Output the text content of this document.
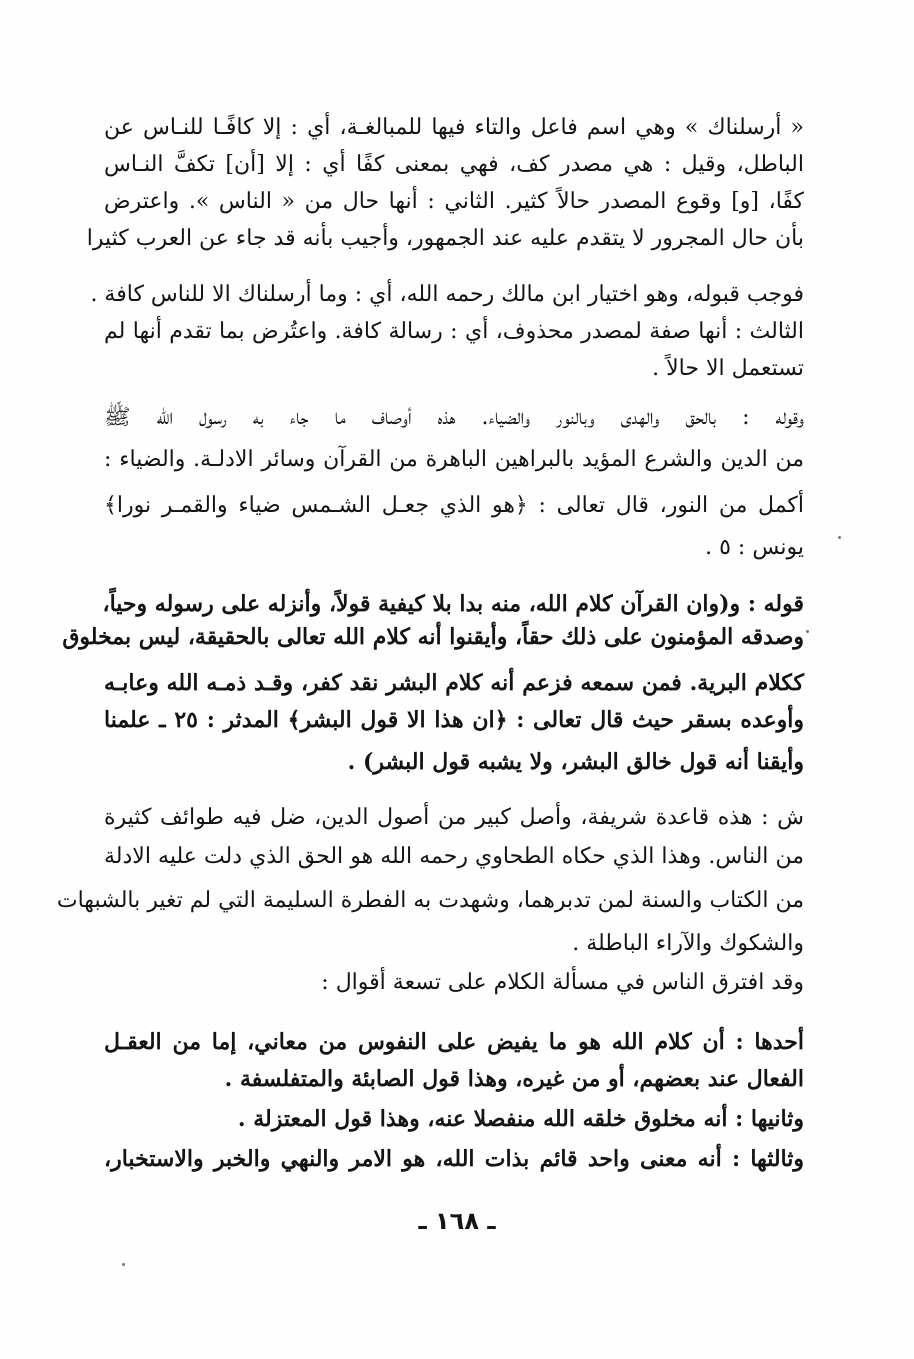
« أرسلناك » وهي اسم فاعل والتاء فيها للمبالغـة، أي : إلا كافًـا للنـاس عن
الباطل، وقيل : هي مصدر كف، فهي بمعنى كفًا أي : إلا [أن] تكفَّ النـاس
كفًا، [و] وقوع المصدر حالاً كثير. الثاني : أنها حال من « الناس ». واعترض
بأن حال المجرور لا يتقدم عليه عند الجمهور، وأجيب بأنه قد جاء عن العرب كثيرا
فوجب قبوله، وهو اختيار ابن مالك رحمه الله، أي : وما أرسلناك الا للناس كافة .
الثالث : أنها صفة لمصدر محذوف، أي : رسالة كافة. واعتُرض بما تقدم أنها لم
تستعمل الا حالاً .
وقوله : بالحق والهدى وبالنور والضياء. هذه أوصاف ما جاء به رسول الله ﷺ
من الدين والشرع المؤيد بالبراهين الباهرة من القرآن وسائر الادلـة. والضياء :
أكمل من النور، قال تعالى : ﴿هو الذي جعـل الشـمس ضياء والقمـر نورا﴾
يونس : ٥ .
قوله : و(وان القرآن كلام الله، منه بدا بلا كيفية قولاً، وأنزله على رسوله وحياً،
وصدقه المؤمنون على ذلك حقاً، وأيقنوا أنه كلام الله تعالى بالحقيقة، ليس بمخلوق
ككلام البرية. فمن سمعه فزعم أنه كلام البشر نقد كفر، وقـد ذمـه الله وعابـه
وأوعده بسقر حيث قال تعالى : ﴿ان هذا الا قول البشر﴾ المدثر : ٢٥ ـ علمنا
وأيقنا أنه قول خالق البشر، ولا يشبه قول البشر) .
ش : هذه قاعدة شريفة، وأصل كبير من أصول الدين، ضل فيه طوائف كثيرة
من الناس. وهذا الذي حكاه الطحاوي رحمه الله هو الحق الذي دلت عليه الادلة
من الكتاب والسنة لمن تدبرهما، وشهدت به الفطرة السليمة التي لم تغير بالشبهات
والشكوك والآراء الباطلة .
وقد افترق الناس في مسألة الكلام على تسعة أقوال :
أحدها : أن كلام الله هو ما يفيض على النفوس من معاني، إما من العقـل
الفعال عند بعضهم، أو من غيره، وهذا قول الصابئة والمتفلسفة .
وثانيها : أنه مخلوق خلقه الله منفصلا عنه، وهذا قول المعتزلة .
وثالثها : أنه معنى واحد قائم بذات الله، هو الامر والنهي والخبر والاستخبار،
ـ ١٦٨ ـ
